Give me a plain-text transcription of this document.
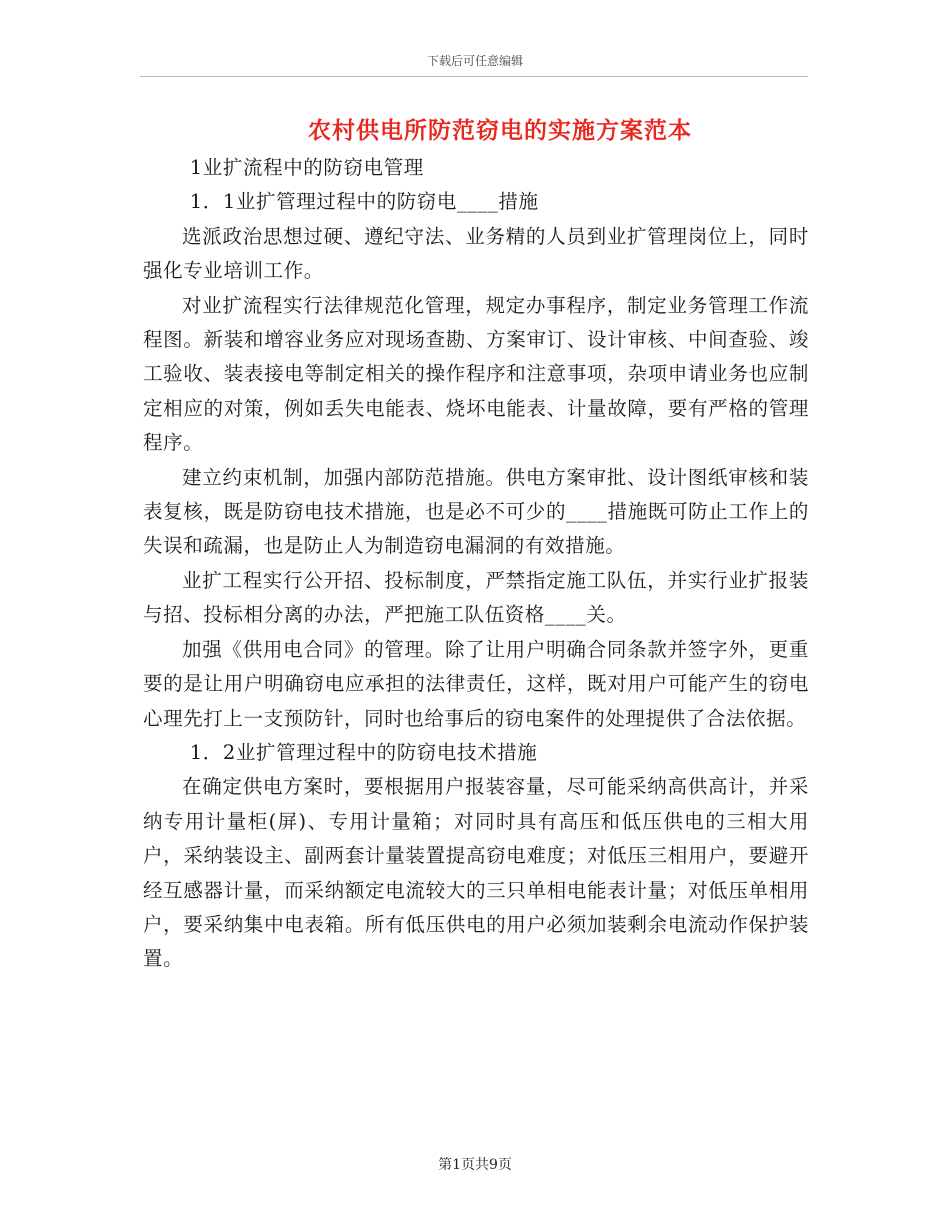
下载后可任意编辑
农村供电所防范窃电的实施方案范本

1业扩流程中的防窃电管理

1．1业扩管理过程中的防窃电____措施

选派政治思想过硬、遵纪守法、业务精的人员到业扩管理岗位上，同时强化专业培训工作。

对业扩流程实行法律规范化管理，规定办事程序，制定业务管理工作流程图。新装和增容业务应对现场查勘、方案审订、设计审核、中间查验、竣工验收、装表接电等制定相关的操作程序和注意事项，杂项申请业务也应制定相应的对策，例如丢失电能表、烧坏电能表、计量故障，要有严格的管理程序。

建立约束机制，加强内部防范措施。供电方案审批、设计图纸审核和装表复核，既是防窃电技术措施，也是必不可少的____措施既可防止工作上的失误和疏漏，也是防止人为制造窃电漏洞的有效措施。

业扩工程实行公开招、投标制度，严禁指定施工队伍，并实行业扩报装与招、投标相分离的办法，严把施工队伍资格____关。

加强《供用电合同》的管理。除了让用户明确合同条款并签字外，更重要的是让用户明确窃电应承担的法律责任，这样，既对用户可能产生的窃电心理先打上一支预防针，同时也给事后的窃电案件的处理提供了合法依据。

1．2业扩管理过程中的防窃电技术措施

在确定供电方案时，要根据用户报装容量，尽可能采纳高供高计，并采纳专用计量柜(屏)、专用计量箱；对同时具有高压和低压供电的三相大用户，采纳装设主、副两套计量装置提高窃电难度；对低压三相用户，要避开经互感器计量，而采纳额定电流较大的三只单相电能表计量；对低压单相用户，要采纳集中电表箱。所有低压供电的用户必须加装剩余电流动作保护装置。

第1页共9页
